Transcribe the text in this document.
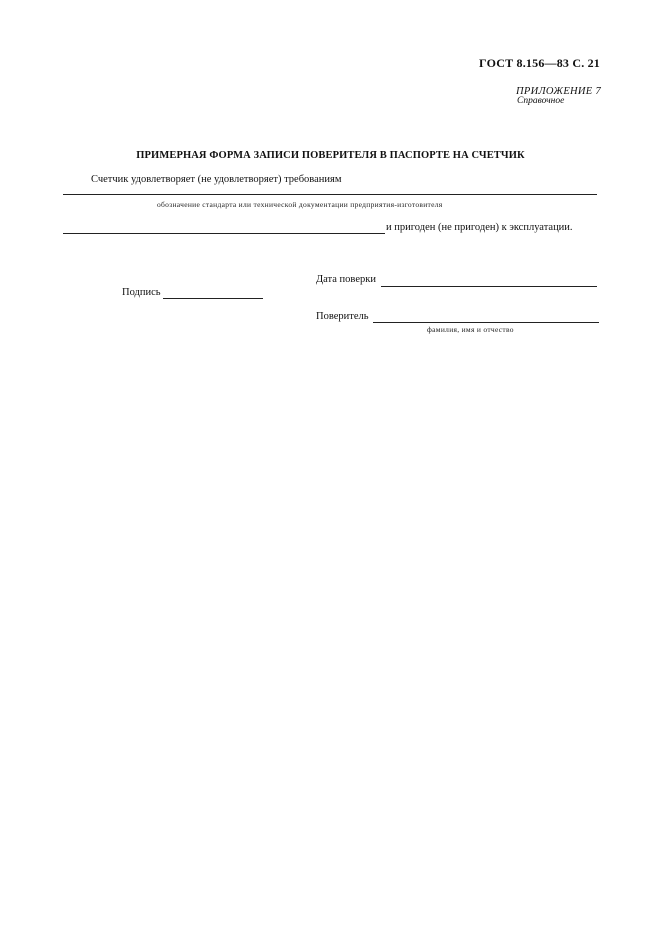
ГОСТ 8.156—83 С. 21
ПРИЛОЖЕНИЕ 7
Справочное
ПРИМЕРНАЯ ФОРМА ЗАПИСИ ПОВЕРИТЕЛЯ В ПАСПОРТЕ НА СЧЕТЧИК
Счетчик удовлетворяет (не удовлетворяет) требованиям
обозначение стандарта или технической документации предприятия-изготовителя
и пригоден (не пригоден) к эксплуатации.
Дата поверки
Подпись
Поверитель
фамилия, имя и отчество
